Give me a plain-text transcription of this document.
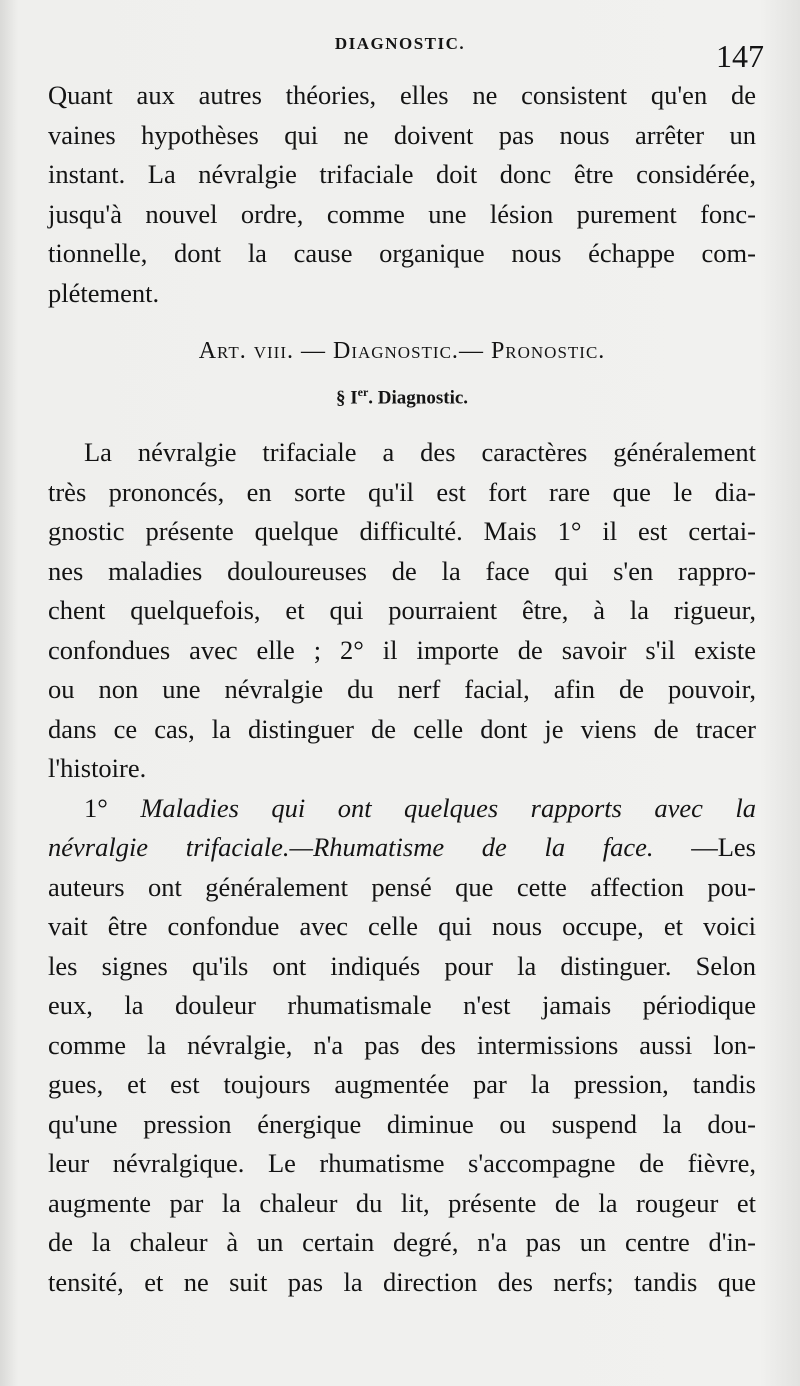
DIAGNOSTIC.	147
Quant aux autres théories, elles ne consistent qu'en de
vaines hypothèses qui ne doivent pas nous arrêter un
instant. La névralgie trifaciale doit donc être considérée,
jusqu'à nouvel ordre, comme une lésion purement fonc-
tionnelle, dont la cause organique nous échappe com-
plétement.
Art. viii. — Diagnostic.— Pronostic.
§ Ier. Diagnostic.
La névralgie trifaciale a des caractères généralement
très prononcés, en sorte qu'il est fort rare que le dia-
gnostic présente quelque difficulté. Mais 1° il est certai-
nes maladies douloureuses de la face qui s'en rappro-
chent quelquefois, et qui pourraient être, à la rigueur,
confondues avec elle ; 2° il importe de savoir s'il existe
ou non une névralgie du nerf facial, afin de pouvoir,
dans ce cas, la distinguer de celle dont je viens de tracer
l'histoire.
1° Maladies qui ont quelques rapports avec la
névralgie trifaciale.—Rhumatisme de la face. —Les
auteurs ont généralement pensé que cette affection pou-
vait être confondue avec celle qui nous occupe, et voici
les signes qu'ils ont indiqués pour la distinguer. Selon
eux, la douleur rhumatismale n'est jamais périodique
comme la névralgie, n'a pas des intermissions aussi lon-
gues, et est toujours augmentée par la pression, tandis
qu'une pression énergique diminue ou suspend la dou-
leur névralgique. Le rhumatisme s'accompagne de fièvre,
augmente par la chaleur du lit, présente de la rougeur et
de la chaleur à un certain degré, n'a pas un centre d'in-
tensité, et ne suit pas la direction des nerfs; tandis que
